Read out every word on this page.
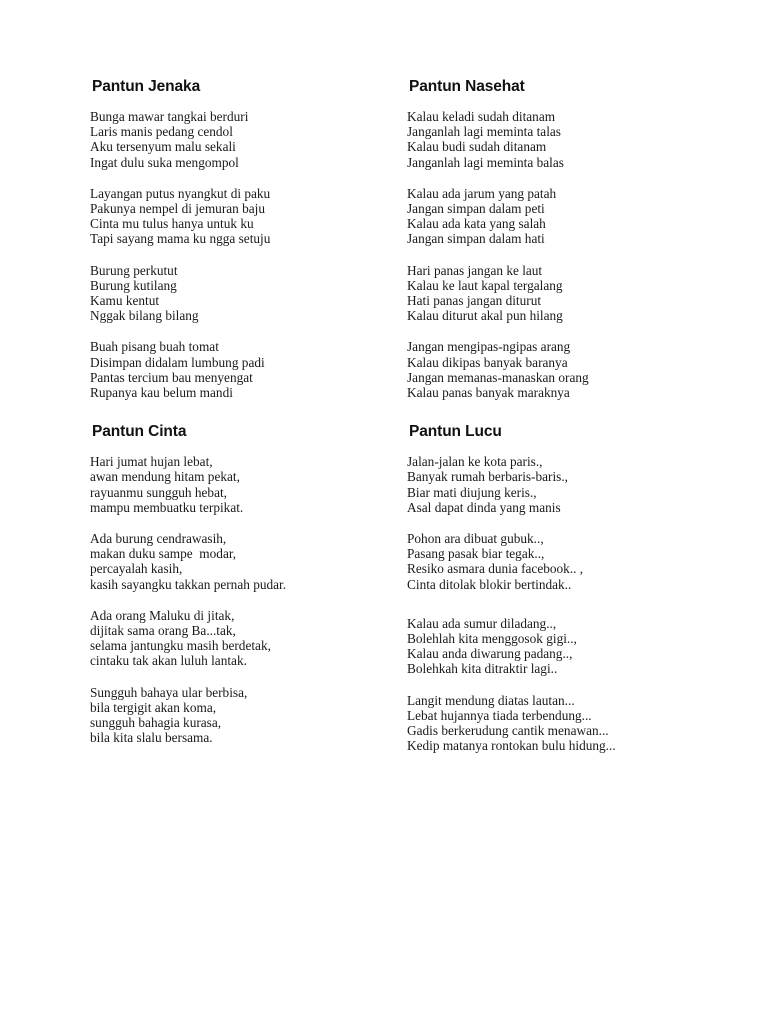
Pantun Jenaka
Bunga mawar tangkai berduri
Laris manis pedang cendol
Aku tersenyum malu sekali
Ingat dulu suka mengompol
Layangan putus nyangkut di paku
Pakunya nempel di jemuran baju
Cinta mu tulus hanya untuk ku
Tapi sayang mama ku ngga setuju
Burung perkutut
Burung kutilang
Kamu kentut
Nggak bilang bilang
Buah pisang buah tomat
Disimpan didalam lumbung padi
Pantas tercium bau menyengat
Rupanya kau belum mandi
Pantun Cinta
Hari jumat hujan lebat,
awan mendung hitam pekat,
rayuanmu sungguh hebat,
mampu membuatku terpikat.
Ada burung cendrawasih,
makan duku sampe  modar,
percayalah kasih,
kasih sayangku takkan pernah pudar.
Ada orang Maluku di jitak,
dijitak sama orang Ba...tak,
selama jantungku masih berdetak,
cintaku tak akan luluh lantak.
Sungguh bahaya ular berbisa,
bila tergigit akan koma,
sungguh bahagia kurasa,
bila kita slalu bersama.
Pantun Nasehat
Kalau keladi sudah ditanam
Janganlah lagi meminta talas
Kalau budi sudah ditanam
Janganlah lagi meminta balas
Kalau ada jarum yang patah
Jangan simpan dalam peti
Kalau ada kata yang salah
Jangan simpan dalam hati
Hari panas jangan ke laut
Kalau ke laut kapal tergalang
Hati panas jangan diturut
Kalau diturut akal pun hilang
Jangan mengipas-ngipas arang
Kalau dikipas banyak baranya
Jangan memanas-manaskan orang
Kalau panas banyak maraknya
Pantun Lucu
Jalan-jalan ke kota paris.,
Banyak rumah berbaris-baris.,
Biar mati diujung keris.,
Asal dapat dinda yang manis
Pohon ara dibuat gubuk..,
Pasang pasak biar tegak..,
Resiko asmara dunia facebook.. ,
Cinta ditolak blokir bertindak..
Kalau ada sumur diladang..,
Bolehlah kita menggosok gigi..,
Kalau anda diwarung padang..,
Bolehkah kita ditraktir lagi..
Langit mendung diatas lautan...
Lebat hujannya tiada terbendung...
Gadis berkerudung cantik menawan...
Kedip matanya rontokan bulu hidung...
